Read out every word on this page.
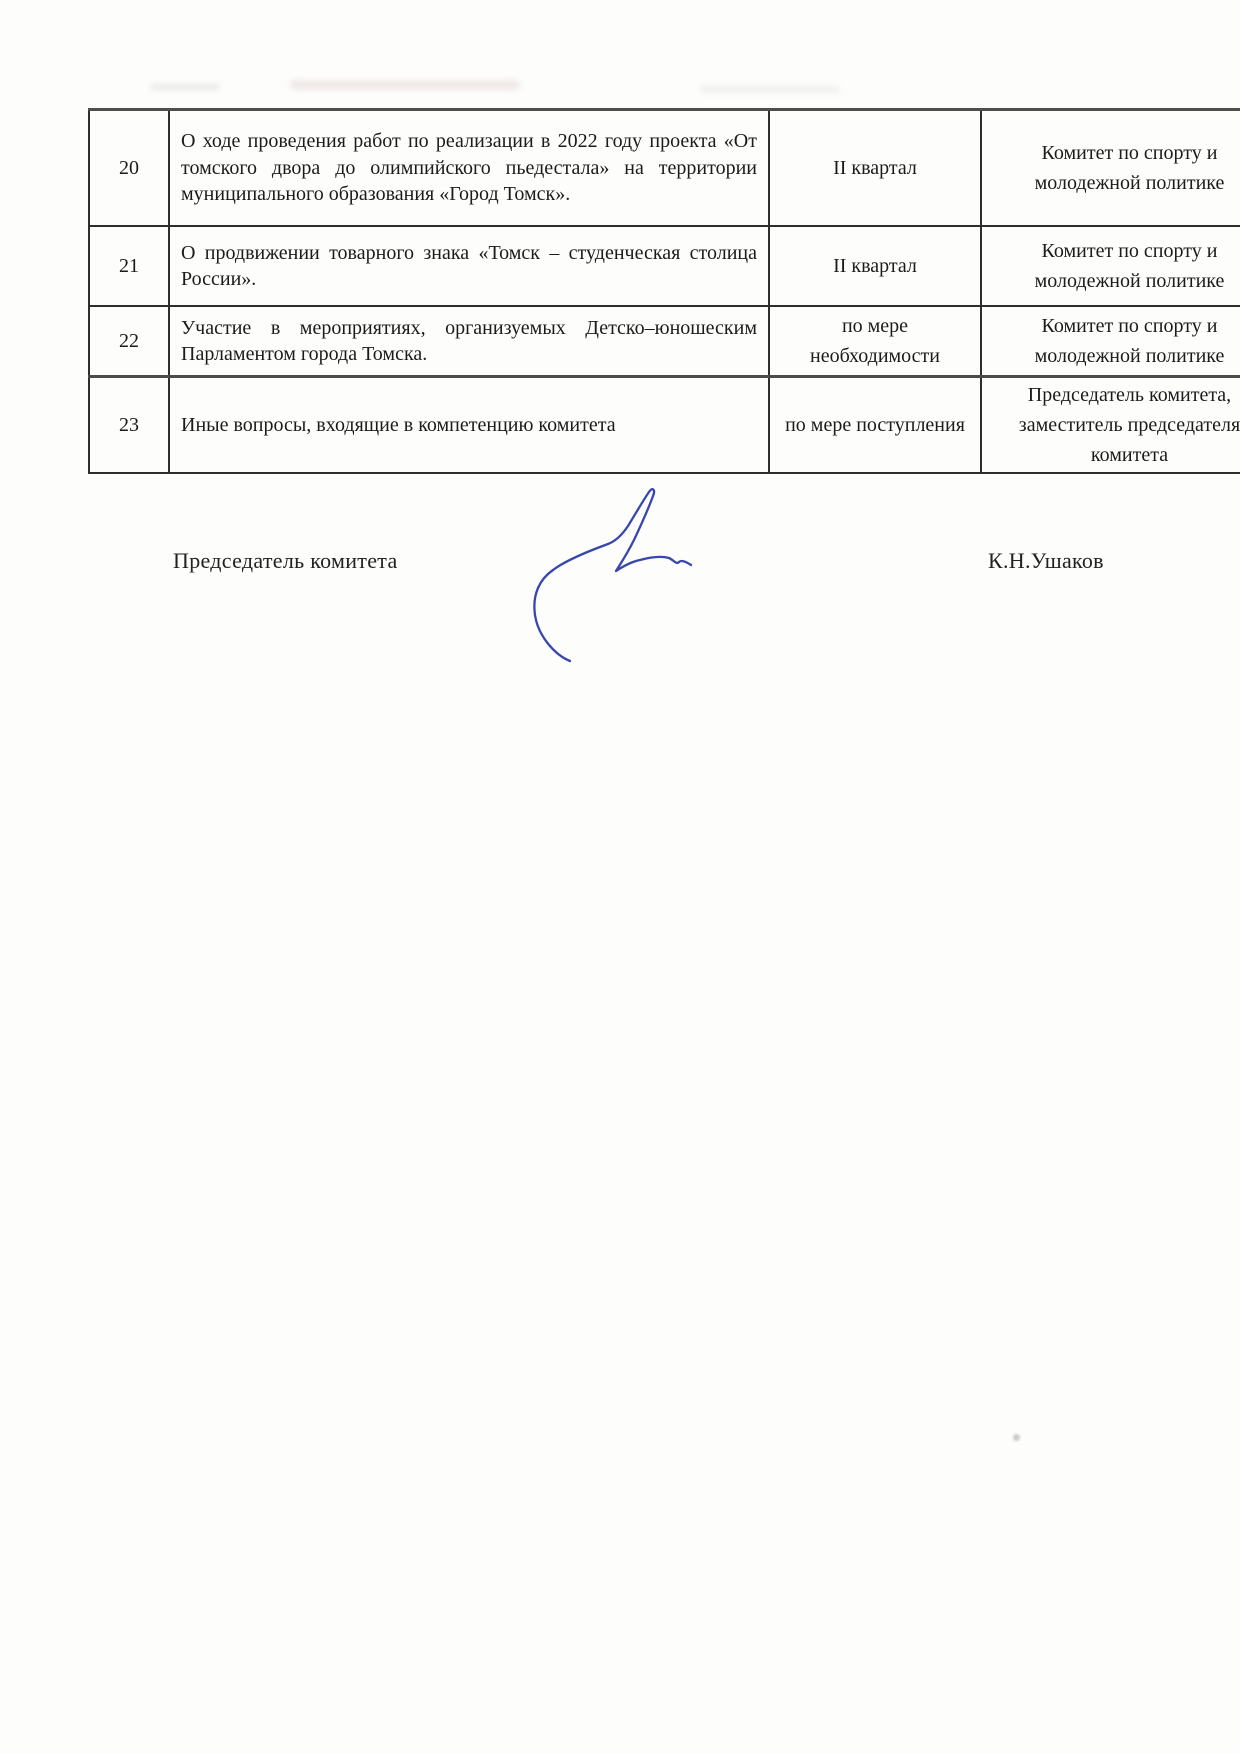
20	О ходе проведения работ по реализации в 2022 году проекта «От томского двора до олимпийского пьедестала» на территории муниципального образования «Город Томск».	II квартал	Комитет по спорту и молодежной политике
21	О продвижении товарного знака «Томск – студенческая столица России».	II квартал	Комитет по спорту и молодежной политике
22	Участие в мероприятиях, организуемых Детско–юношеским Парламентом города Томска.	по мере необходимости	Комитет по спорту и молодежной политике
23	Иные вопросы, входящие в компетенцию комитета	по мере поступления	Председатель комитета, заместитель председателя комитета
Председатель комитета	К.Н.Ушаков
